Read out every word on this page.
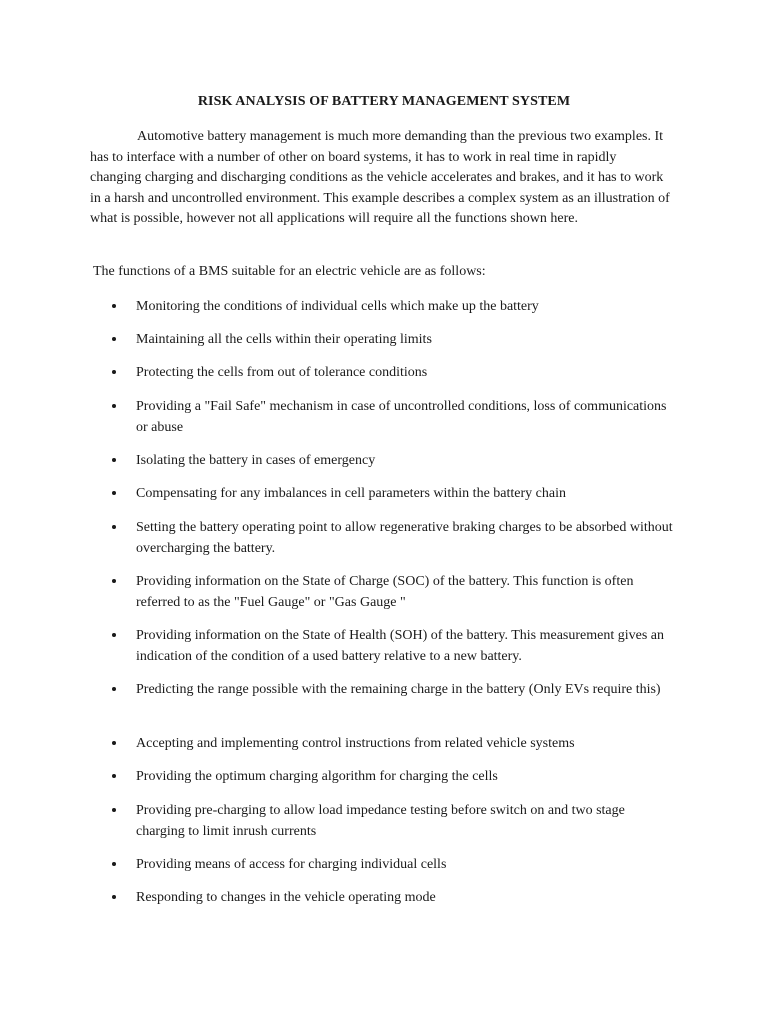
RISK ANALYSIS OF BATTERY MANAGEMENT SYSTEM

Automotive battery management is much more demanding than the previous two examples. It has to interface with a number of other on board systems, it has to work in real time in rapidly changing charging and discharging conditions as the vehicle accelerates and brakes, and it has to work in a harsh and uncontrolled environment. This example describes a complex system as an illustration of what is possible, however not all applications will require all the functions shown here.

The functions of a BMS suitable for an electric vehicle are as follows:

Monitoring the conditions of individual cells which make up the battery
Maintaining all the cells within their operating limits
Protecting the cells from out of tolerance conditions
Providing a "Fail Safe" mechanism in case of uncontrolled conditions, loss of communications or abuse
Isolating the battery in cases of emergency
Compensating for any imbalances in cell parameters within the battery chain
Setting the battery operating point to allow regenerative braking charges to be absorbed without overcharging the battery.
Providing information on the State of Charge (SOC) of the battery. This function is often referred to as the "Fuel Gauge" or "Gas Gauge "
Providing information on the State of Health (SOH) of the battery. This measurement gives an indication of the condition of a used battery relative to a new battery.
Predicting the range possible with the remaining charge in the battery (Only EVs require this)
Accepting and implementing control instructions from related vehicle systems
Providing the optimum charging algorithm for charging the cells
Providing pre-charging to allow load impedance testing before switch on and two stage charging to limit inrush currents
Providing means of access for charging individual cells
Responding to changes in the vehicle operating mode
